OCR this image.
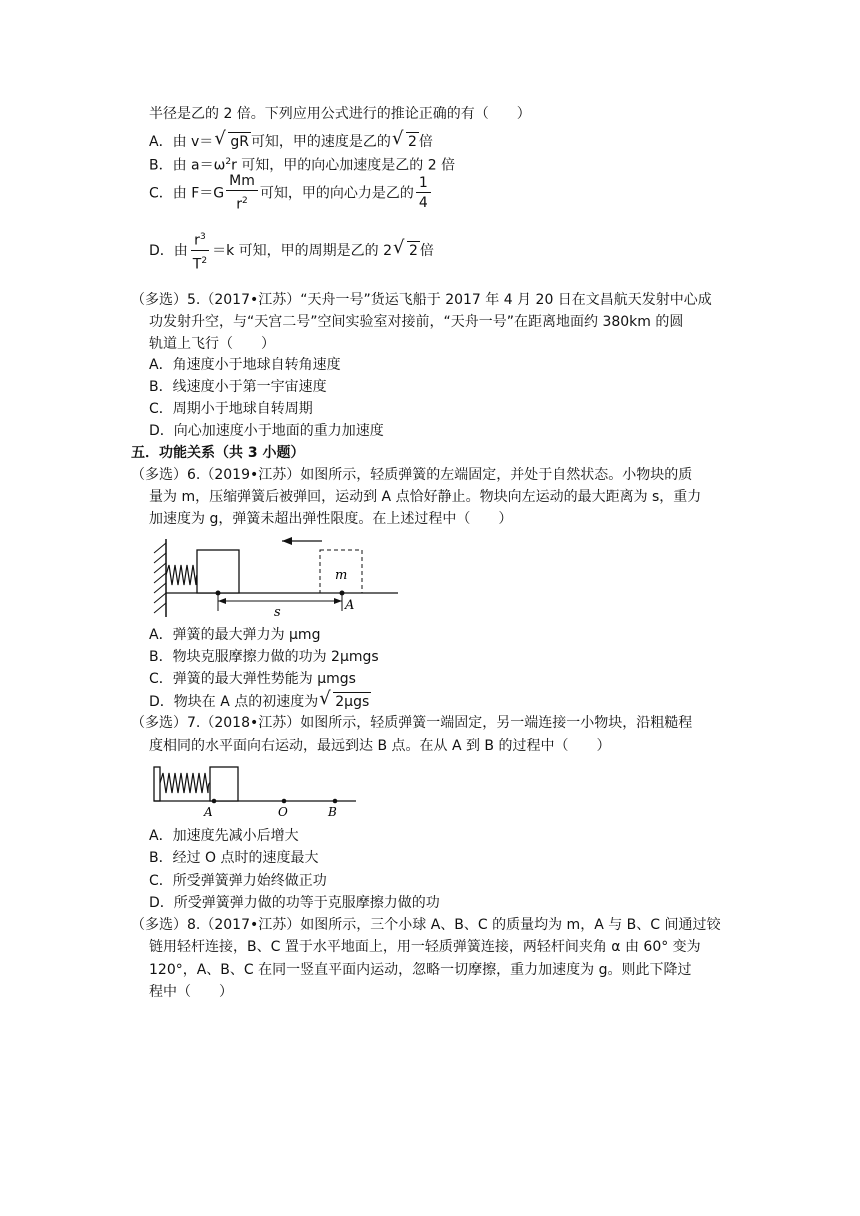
半径是乙的 2 倍。下列应用公式进行的推论正确的有（　　）
A．由 v＝ √ gR 可知，甲的速度是乙的 √ 2 倍
B．由 $a=\omega^2r$ 可知，甲的向心加速度是乙的 2 倍
C．由 $F=G \frac{Mm}{r^2}$ 可知，甲的向心力是乙的 $\frac{1}{4}$
D．由 $\frac{r^3}{T^2} =k$ 可知，甲的周期是乙的 2 √ 2 倍
（多选）5.（2017•江苏）“天舟一号”货运飞船于 2017 年 4 月 20 日在文昌航天发射中心成
功发射升空，与“天宫二号”空间实验室对接前，“天舟一号”在距离地面约 380km 的圆
轨道上飞行（　　）
A．角速度小于地球自转角速度
B．线速度小于第一宇宙速度
C．周期小于地球自转周期
D．向心加速度小于地面的重力加速度
五．功能关系（共 3 小题）
（多选）6.（2019•江苏）如图所示，轻质弹簧的左端固定，并处于自然状态。小物块的质
量为 m，压缩弹簧后被弹回，运动到 A 点恰好静止。物块向左运动的最大距离为 s，重力
加速度为 g，弹簧未超出弹性限度。在上述过程中（　　）
m
s	A
A．弹簧的最大弹力为 μmg
B．物块克服摩擦力做的功为 2μmgs
C．弹簧的最大弹性势能为 μmgs
D．物块在 A 点的初速度为 √ 2μgs
（多选）7.（2018•江苏）如图所示，轻质弹簧一端固定，另一端连接一小物块，沿粗糙程
度相同的水平面向右运动，最远到达 B 点。在从 A 到 B 的过程中（　　）
A	O	B
A．加速度先减小后增大
B．经过 O 点时的速度最大
C．所受弹簧弹力始终做正功
D．所受弹簧弹力做的功等于克服摩擦力做的功
（多选）8.（2017•江苏）如图所示，三个小球 A、B、C 的质量均为 m，A 与 B、C 间通过铰
链用轻杆连接，B、C 置于水平地面上，用一轻质弹簧连接，两轻杆间夹角 α 由 60° 变为
120°，A、B、C 在同一竖直平面内运动，忽略一切摩擦，重力加速度为 g。则此下降过
程中（　　）
